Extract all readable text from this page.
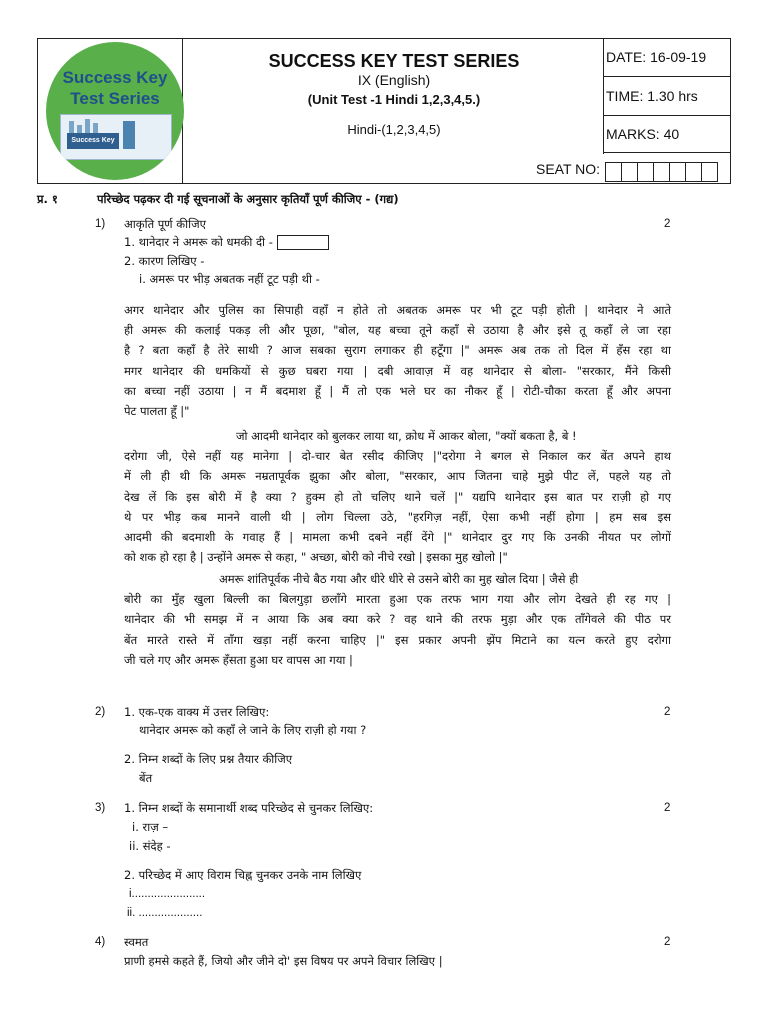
Success Key
Test Series
Success Key
SUCCESS KEY TEST SERIES
IX (English)
(Unit Test -1 Hindi 1,2,3,4,5.)
Hindi-(1,2,3,4,5)
DATE: 16-09-19
TIME: 1.30 hrs
MARKS: 40
SEAT NO:
प्र. १	परिच्छेद पढ़कर दी गई सूचनाओं के अनुसार कृतियाँ पूर्ण कीजिए - (गद्य)
1) आकृति पूर्ण कीजिए	2
1. थानेदार ने अमरू को धमकी दी -
2. कारण लिखिए -
i. अमरू पर भीड़ अबतक नहीं टूट पड़ी थी -
अगर थानेदार और पुलिस का सिपाही वहाँ न होते तो अबतक अमरू पर भी टूट पड़ी होती | थानेदार ने आते
ही अमरू की कलाई पकड़ ली और पूछा, "बोल, यह बच्चा तूने कहाँ से उठाया है और इसे तू कहाँ ले जा रहा
है ? बता कहाँ है तेरे साथी ? आज सबका सुराग लगाकर ही हटूँगा |" अमरू अब तक तो दिल में हँस रहा था
मगर थानेदार की धमकियों से कुछ घबरा गया | दबी आवाज़ में वह थानेदार से बोला- "सरकार, मैंने किसी
का बच्चा नहीं उठाया | न मैं बदमाश हूँ | मैं तो एक भले घर का नौकर हूँ | रोटी-चौका करता हूँ और अपना
पेट पालता हूँ |"
जो आदमी थानेदार को बुलकर लाया था, क्रोध में आकर बोला, "क्यों बकता है, बे !
दरोगा जी, ऐसे नहीं यह मानेगा | दो-चार बेत रसीद कीजिए |"दरोगा ने बगल से निकाल कर बेंत अपने हाथ
में ली ही थी कि अमरू नम्रतापूर्वक झुका और बोला, "सरकार, आप जितना चाहे मुझे पीट लें, पहले यह तो
देख लें कि इस बोरी में है क्या ? हुक्म हो तो चलिए थाने चलें |" यद्यपि थानेदार इस बात पर राज़ी हो गए
थे पर भीड़ कब मानने वाली थी | लोग चिल्ला उठे, "हरगिज़ नहीं, ऐसा कभी नहीं होगा | हम सब इस
आदमी की बदमाशी के गवाह हैं | मामला कभी दबने नहीं देंगे |" थानेदार दुर गए कि उनकी नीयत पर लोगों
को शक हो रहा है | उन्होंने अमरू से कहा, " अच्छा, बोरी को नीचे रखो | इसका मुह खोलो |"
अमरू शांतिपूर्वक नीचे बैठ गया और धीरे धीरे से उसने बोरी का मुह खोल दिया | जैसे ही
बोरी का मुँह खुला बिल्ली का बिलगुड़ा छलाँगे मारता हुआ एक तरफ भाग गया और लोग देखते ही रह गए |
थानेदार की भी समझ में न आया कि अब क्या करे ? वह थाने की तरफ मुड़ा और एक ताँगेवले की पीठ पर
बेंत मारते रास्ते में ताँगा खड़ा नहीं करना चाहिए |" इस प्रकार अपनी झेंप मिटाने का यत्न करते हुए दरोगा
जी चले गए और अमरू हँसता हुआ घर वापस आ गया |
2) 1. एक-एक वाक्य में उत्तर लिखिए:	2
थानेदार अमरू को कहाँ ले जाने के लिए राज़ी हो गया ?
2. निम्न शब्दों के लिए प्रश्न तैयार कीजिए
बेंत
3) 1. निम्न शब्दों के समानार्थी शब्द परिच्छेद से चुनकर लिखिए:	2
i. राज़ –
ii. संदेह -
2. परिच्छेद में आए विराम चिह्न चुनकर उनके नाम लिखिए
i.......................
ii. ....................
4) स्वमत	2
प्राणी हमसे कहते हैं, जियो और जीने दो' इस विषय पर अपने विचार लिखिए |
